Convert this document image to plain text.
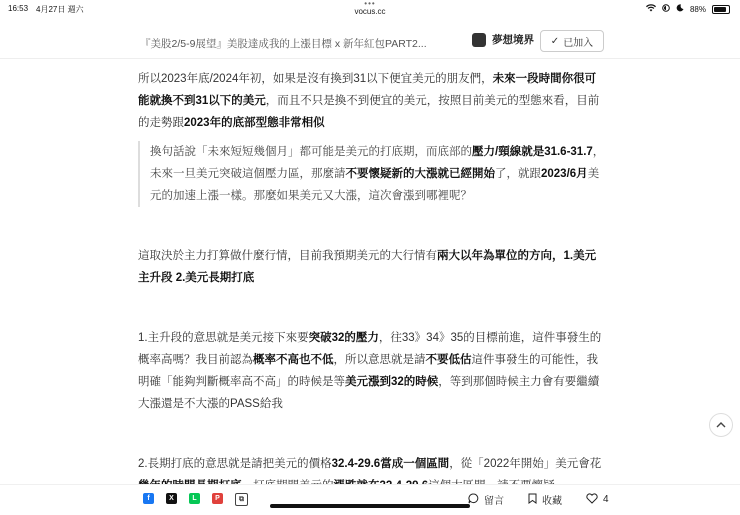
16:53 4月27日 週六
•••
vocus.cc	88%
『美股2/5-9展望』美股達成我的上漲目標 x 新年紅包PART2...	夢想境界 ✓ 已加入

所以2023年底/2024年初，如果是沒有換到31以下便宜美元的朋友們，未來一段時間你很可能就換不到31以下的美元，而且不只是換不到便宜的美元，按照目前美元的型態來看，目前的走勢跟2023年的底部型態非常相似

換句話說「未來短短幾個月」都可能是美元的打底期，而底部的壓力/頸線就是31.6-31.7，未來一旦美元突破這個壓力區，那麼請不要懷疑新的大漲就已經開始了，就跟2023/6月美元的加速上漲一樣。那麼如果美元又大漲，這次會漲到哪裡呢？

這取決於主力打算做什麼行情，目前我預期美元的大行情有兩大以年為單位的方向，1.美元主升段 2.美元長期打底

1.主升段的意思就是美元接下來要突破32的壓力，往33》34》35的目標前進，這件事發生的概率高嗎？我目前認為概率不高也不低，所以意思就是請不要低估這件事發生的可能性，我明確「能夠判斷概率高不高」的時候是等美元漲到32的時候，等到那個時候主力會有要繼續大漲還是不大漲的PASS給我

2.長期打底的意思就是請把美元的價格32.4-29.6當成一個區間，從「2022年開始」美元會花

f	X	L	P	⧉	留言	收藏	4
